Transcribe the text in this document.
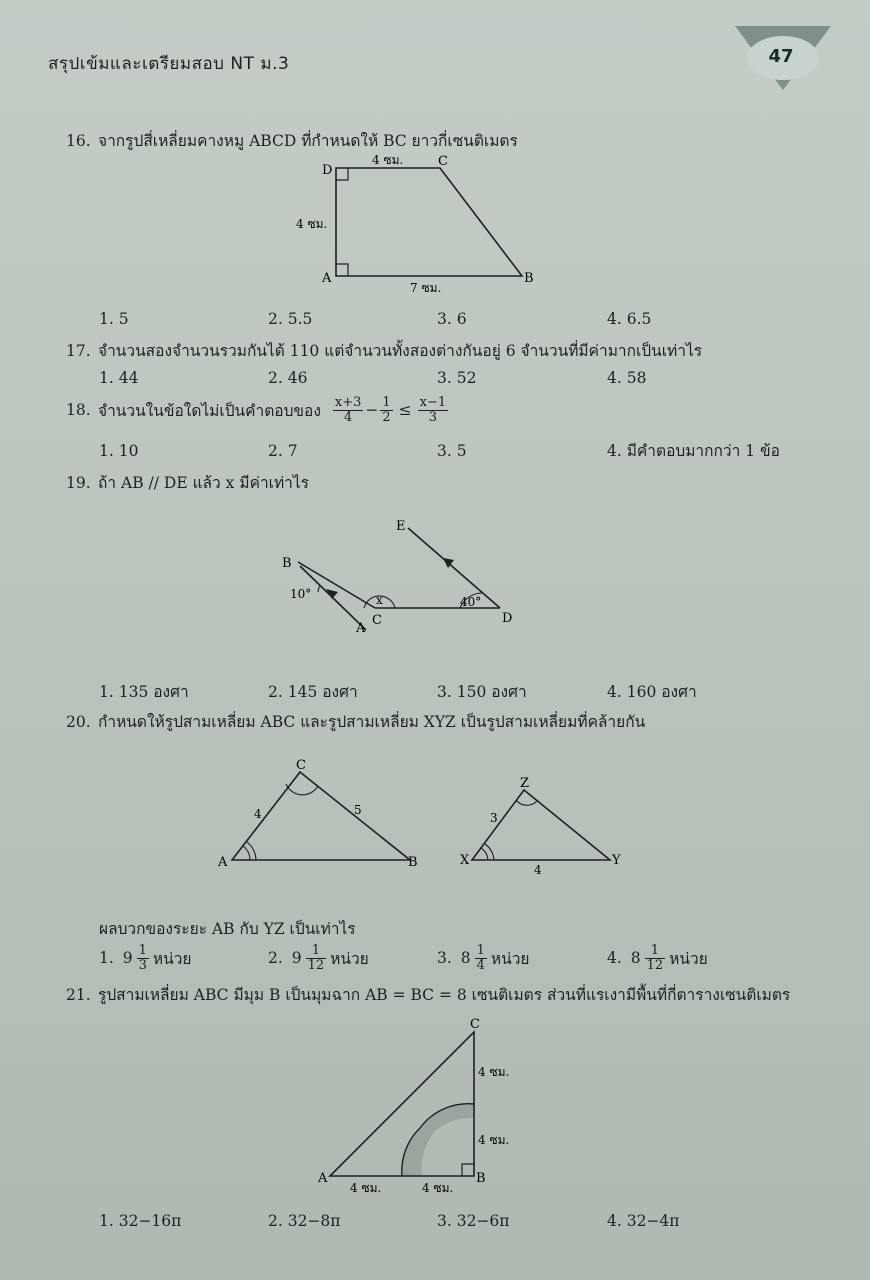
สรุปเข้มและเตรียมสอบ NT ม.3	47
16. จากรูปสี่เหลี่ยมคางหมู ABCD ที่กำหนดให้ BC ยาวกี่เซนติเมตร
D
C
A	B
4 ซม.
4 ซม.
7 ซม.
1. 5	2. 5.5	3. 6	4. 6.5
17. จำนวนสองจำนวนรวมกันได้ 110 แต่จำนวนทั้งสองต่างกันอยู่ 6 จำนวนที่มีค่ามากเป็นเท่าไร
1. 44	2. 46	3. 52	4. 58
18. จำนวนในข้อใดไม่เป็นคำตอบของ $\frac{x+3}{4} - \frac{1}{2} \le \frac{x-1}{3}$
1. 10	2. 7	3. 5	4. มีคำตอบมากกว่า 1 ข้อ
19. ถ้า AB // DE แล้ว x มีค่าเท่าไร
E
B
10°	x	40°
C	D
A
1. 135 องศา	2. 145 องศา	3. 150 องศา	4. 160 องศา
20. กำหนดให้รูปสามเหลี่ยม ABC และรูปสามเหลี่ยม XYZ เป็นรูปสามเหลี่ยมที่คล้ายกัน
C
4	5
A	B
Z
3
X	Y
4
ผลบวกของระยะ AB กับ YZ เป็นเท่าไร
1.
$9 \frac{1}{3}$ หน่วย	2.
$9 \frac{1}{12}$ หน่วย	3.
$8 \frac{1}{4}$ หน่วย	4.
$8 \frac{1}{12}$ หน่วย
21. รูปสามเหลี่ยม ABC มีมุม B เป็นมุมฉาก AB = BC = 8 เซนติเมตร ส่วนที่แรเงามีพื้นที่กี่ตารางเซนติเมตร
C
4 ซม.
4 ซม.
A	B
4 ซม.	4 ซม.
1. 32−16π	2. 32−8π	3. 32−6π	4. 32−4π
